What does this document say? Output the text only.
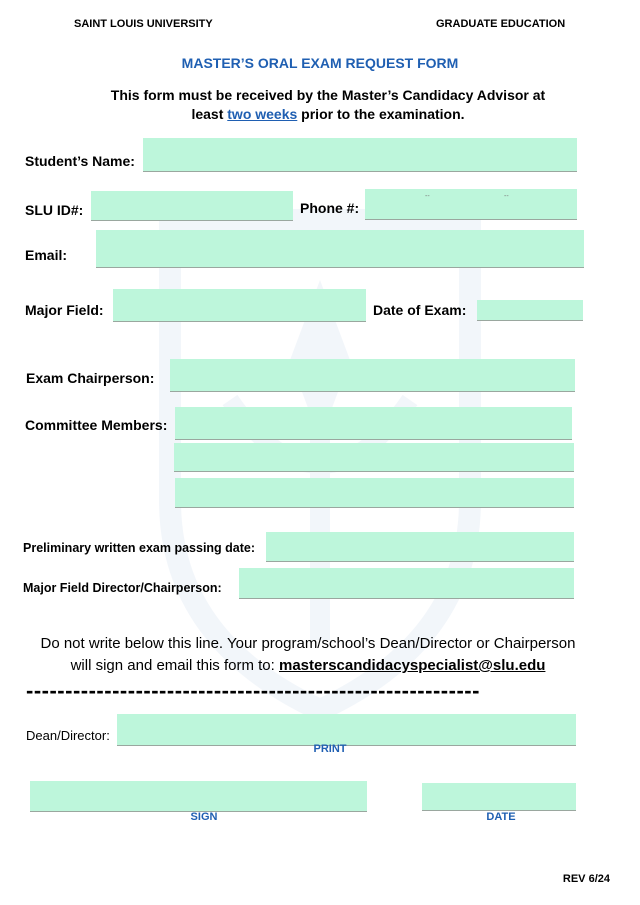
SAINT LOUIS UNIVERSITY	GRADUATE EDUCATION
MASTER’S ORAL EXAM REQUEST FORM
This form must be received by the Master’s Candidacy Advisor at
least two weeks prior to the examination.
Student’s Name:
SLU ID#:	Phone #:
--	--
Email:
Major Field:	Date of Exam:
Exam Chairperson:
Committee Members:
Preliminary written exam passing date:
Major Field Director/Chairperson:
Do not write below this line. Your program/school’s Dean/Director or Chairperson
will sign and email this form to: masterscandidacyspecialist@slu.edu
----------------------------------------------------------
Dean/Director:
PRINT
SIGN	DATE
REV 6/24
